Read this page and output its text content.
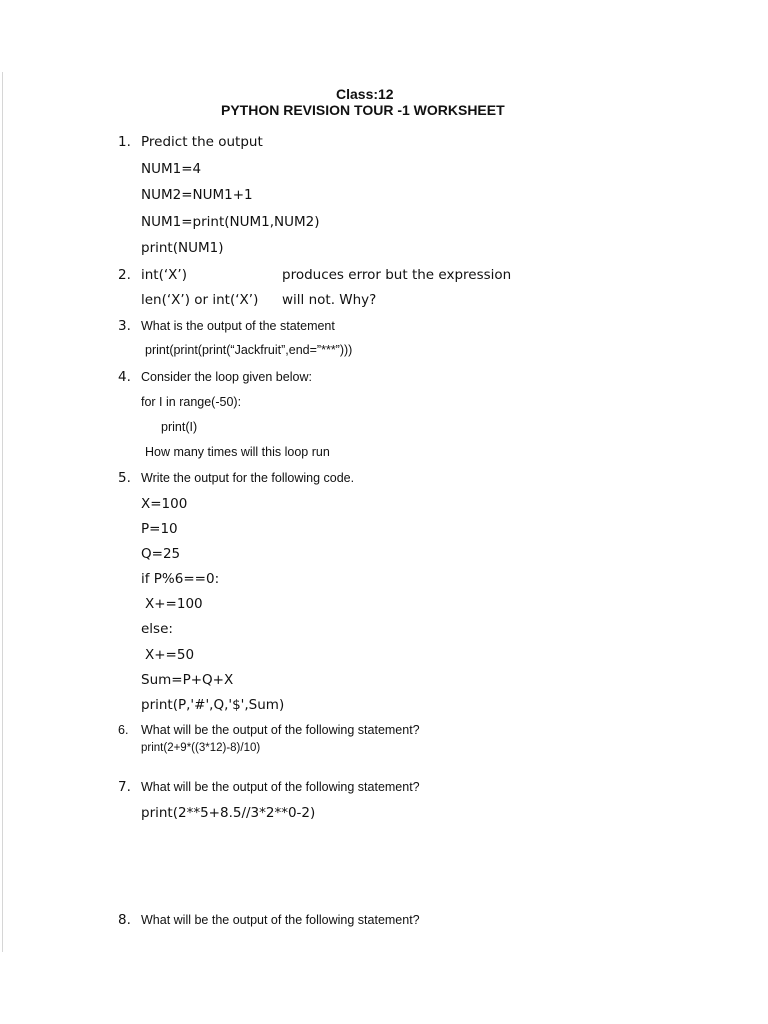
Class:12
PYTHON REVISION TOUR -1 WORKSHEET
1. Predict the output
NUM1=4
NUM2=NUM1+1
NUM1=print(NUM1,NUM2)
print(NUM1)
2. int(‘X’)	produces error but the expression
len(‘X’) or int(‘X’) will not. Why?
3. What is the output of the statement
print(print(print(“Jackfruit”,end=”***”)))
4. Consider the loop given below:
for I in range(-50):
print(I)
How many times will this loop run
5. Write the output for the following code.
X=100
P=10
Q=25
if P%6==0:
X+=100
else:
X+=50
Sum=P+Q+X
print(P,'#',Q,'$',Sum)
6. What will be the output of the following statement?
print(2+9*((3*12)-8)/10)
7. What will be the output of the following statement?
print(2**5+8.5//3*2**0-2)
8. What will be the output of the following statement?
